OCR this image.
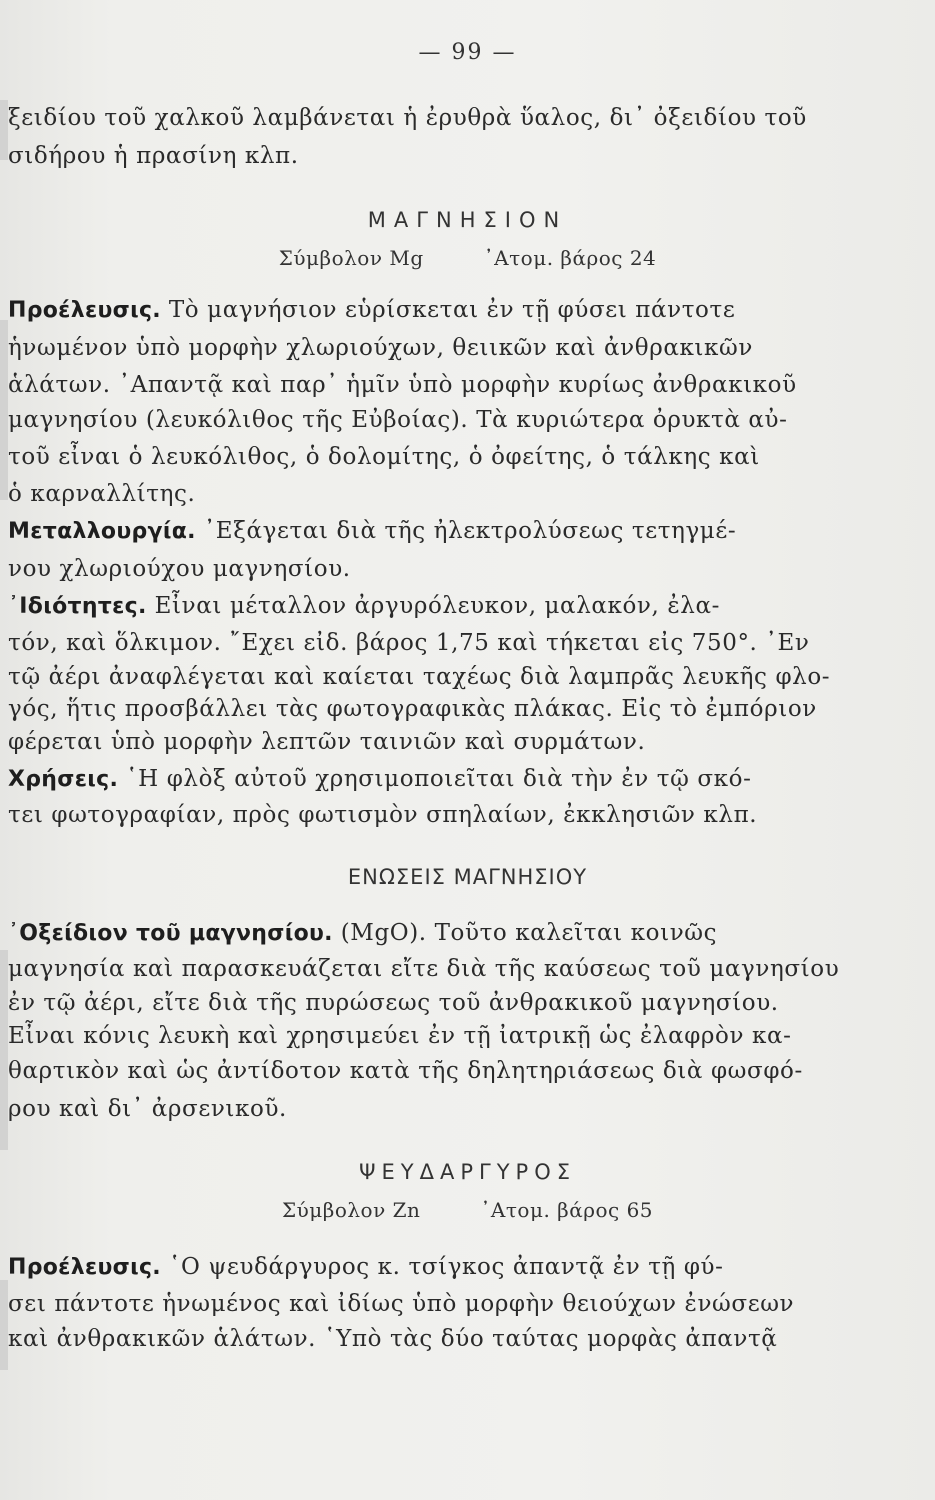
— 99 —
ξειδίου τοῦ χαλκοῦ λαμβάνεται ἡ ἐρυθρὰ ὕαλος, δι᾿ ὀξειδίου τοῦ
σιδήρου ἡ πρασίνη κλπ.
ΜΑΓΝΗΣΙΟΝ
Σύμβολον Mg	᾿Ατομ. βάρος 24
Προέλευσις. Τὸ μαγνήσιον εὑρίσκεται ἐν τῇ φύσει πάντοτε
ἡνωμένον ὑπὸ μορφὴν χλωριούχων, θειικῶν καὶ ἀνθρακικῶν
ἁλάτων. ᾿Απαντᾷ καὶ παρ᾿ ἡμῖν ὑπὸ μορφὴν κυρίως ἀνθρακικοῦ
μαγνησίου (λευκόλιθος τῆς Εὐβοίας). Τὰ κυριώτερα ὀρυκτὰ αὐ-
τοῦ εἶναι ὁ λευκόλιθος, ὁ δολομίτης, ὁ ὀφείτης, ὁ τάλκης καὶ
ὁ καρναλλίτης.
Μεταλλουργία. ᾿Εξάγεται διὰ τῆς ἠλεκτρολύσεως τετηγμέ-
νου χλωριούχου μαγνησίου.
᾿Ιδιότητες. Εἶναι μέταλλον ἀργυρόλευκον, μαλακόν, ἐλα-
τόν, καὶ ὅλκιμον. ῎Εχει εἰδ. βάρος 1,75 καὶ τήκεται εἰς 750°. ᾿Εν
τῷ ἀέρι ἀναφλέγεται καὶ καίεται ταχέως διὰ λαμπρᾶς λευκῆς φλο-
γός, ἥτις προσβάλλει τὰς φωτογραφικὰς πλάκας. Εἰς τὸ ἐμπόριον
φέρεται ὑπὸ μορφὴν λεπτῶν ταινιῶν καὶ συρμάτων.
Χρήσεις. ῾Η φλὸξ αὐτοῦ χρησιμοποιεῖται διὰ τὴν ἐν τῷ σκό-
τει φωτογραφίαν, πρὸς φωτισμὸν σπηλαίων, ἐκκλησιῶν κλπ.
ΕΝΩΣΕΙΣ ΜΑΓΝΗΣΙΟΥ
᾿Οξείδιον τοῦ μαγνησίου. (MgO). Τοῦτο καλεῖται κοινῶς
μαγνησία καὶ παρασκευάζεται εἴτε διὰ τῆς καύσεως τοῦ μαγνησίου
ἐν τῷ ἀέρι, εἴτε διὰ τῆς πυρώσεως τοῦ ἀνθρακικοῦ μαγνησίου.
Εἶναι κόνις λευκὴ καὶ χρησιμεύει ἐν τῇ ἰατρικῇ ὡς ἐλαφρὸν κα-
θαρτικὸν καὶ ὡς ἀντίδοτον κατὰ τῆς δηλητηριάσεως διὰ φωσφό-
ρου καὶ δι᾿ ἀρσενικοῦ.
ΨΕΥΔΑΡΓΥΡΟΣ
Σύμβολον Zn	᾿Ατομ. βάρος 65
Προέλευσις. ῾Ο ψευδάργυρος κ. τσίγκος ἀπαντᾷ ἐν τῇ φύ-
σει πάντοτε ἡνωμένος καὶ ἰδίως ὑπὸ μορφὴν θειούχων ἐνώσεων
καὶ ἀνθρακικῶν ἁλάτων. ῾Υπὸ τὰς δύο ταύτας μορφὰς ἀπαντᾷ
